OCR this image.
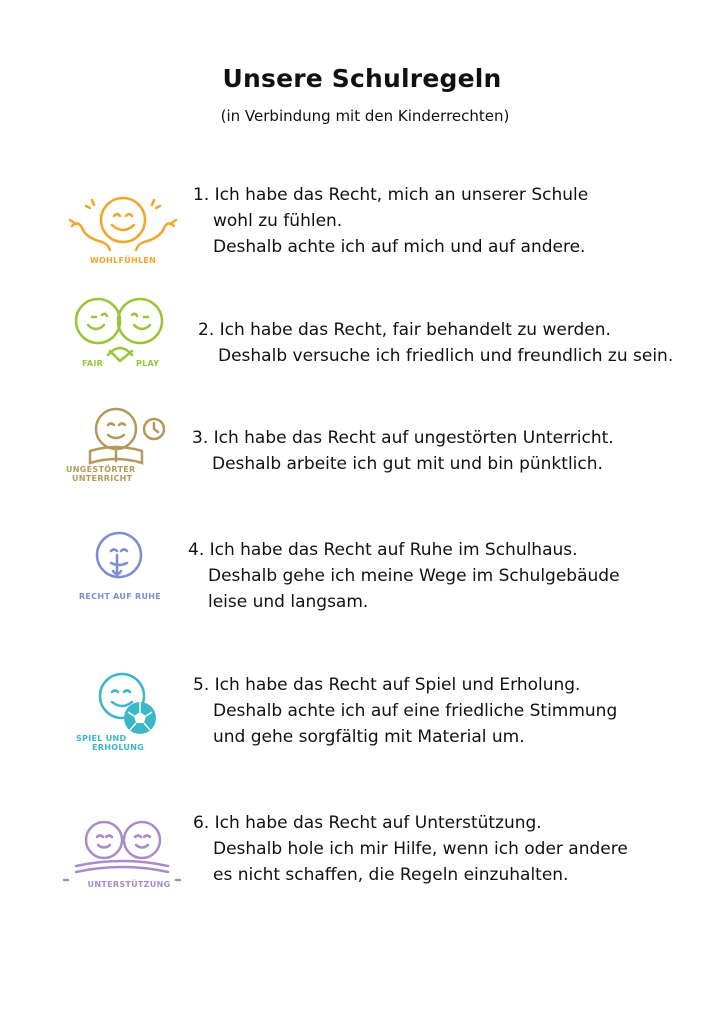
Unsere Schulregeln
(in Verbindung mit den Kinderrechten)
WOHLFÜHLEN
1. Ich habe das Recht, mich an unserer Schule
wohl zu fühlen.
Deshalb achte ich auf mich und auf andere.
FAIR	PLAY
2. Ich habe das Recht, fair behandelt zu werden.
Deshalb versuche ich friedlich und freundlich zu sein.
UNGESTÖRTER
UNTERRICHT
3. Ich habe das Recht auf ungestörten Unterricht.
Deshalb arbeite ich gut mit und bin pünktlich.
RECHT AUF RUHE
4. Ich habe das Recht auf Ruhe im Schulhaus.
Deshalb gehe ich meine Wege im Schulgebäude
leise und langsam.
SPIEL UND
ERHOLUNG
5. Ich habe das Recht auf Spiel und Erholung.
Deshalb achte ich auf eine friedliche Stimmung
und gehe sorgfältig mit Material um.
UNTERSTÜTZUNG
6. Ich habe das Recht auf Unterstützung.
Deshalb hole ich mir Hilfe, wenn ich oder andere
es nicht schaffen, die Regeln einzuhalten.
